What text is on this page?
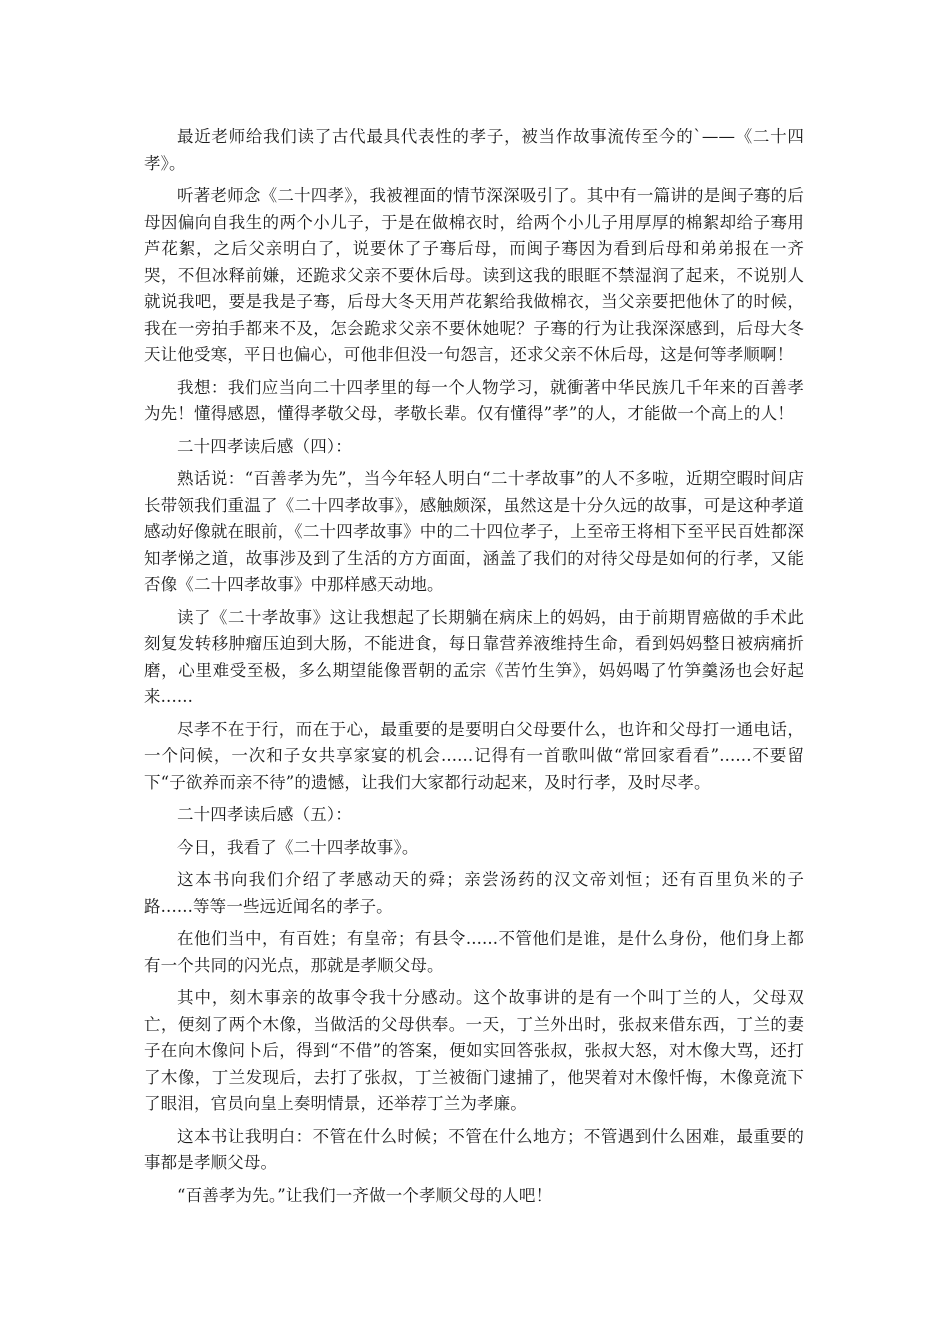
最近老师给我们读了古代最具代表性的孝子，被当作故事流传至今的`——《二十四孝》。

听著老师念《二十四孝》，我被裡面的情节深深吸引了。其中有一篇讲的是闽子骞的后母因偏向自我生的两个小儿子，于是在做棉衣时，给两个小儿子用厚厚的棉絮却给子骞用芦花絮，之后父亲明白了，说要休了子骞后母，而闽子骞因为看到后母和弟弟报在一齐哭，不但冰释前嫌，还跪求父亲不要休后母。读到这我的眼眶不禁湿润了起来，不说别人就说我吧，要是我是子骞，后母大冬天用芦花絮给我做棉衣，当父亲要把他休了的时候，我在一旁拍手都来不及，怎会跪求父亲不要休她呢？子骞的行为让我深深感到，后母大冬天让他受寒，平日也偏心，可他非但没一句怨言，还求父亲不休后母，这是何等孝顺啊！

我想：我们应当向二十四孝里的每一个人物学习，就衝著中华民族几千年来的百善孝为先！懂得感恩，懂得孝敬父母，孝敬长辈。仅有懂得”孝”的人，才能做一个高上的人！

二十四孝读后感（四）：

熟话说：“百善孝为先”，当今年轻人明白“二十孝故事”的人不多啦，近期空暇时间店长带领我们重温了《二十四孝故事》，感触颇深，虽然这是十分久远的故事，可是这种孝道感动好像就在眼前，《二十四孝故事》中的二十四位孝子，上至帝王将相下至平民百姓都深知孝悌之道，故事涉及到了生活的方方面面，涵盖了我们的对待父母是如何的行孝，又能否像《二十四孝故事》中那样感天动地。

读了《二十孝故事》这让我想起了长期躺在病床上的妈妈，由于前期胃癌做的手术此刻复发转移肿瘤压迫到大肠，不能进食，每日靠营养液维持生命，看到妈妈整日被病痛折磨，心里难受至极，多么期望能像晋朝的孟宗《苦竹生笋》，妈妈喝了竹笋羹汤也会好起来......

尽孝不在于行，而在于心，最重要的是要明白父母要什么，也许和父母打一通电话，一个问候，一次和子女共享家宴的机会......记得有一首歌叫做“常回家看看”......不要留下“子欲养而亲不待”的遗憾，让我们大家都行动起来，及时行孝，及时尽孝。

二十四孝读后感（五）：

今日，我看了《二十四孝故事》。

这本书向我们介绍了孝感动天的舜；亲尝汤药的汉文帝刘恒；还有百里负米的子路......等等一些远近闻名的孝子。

在他们当中，有百姓；有皇帝；有县令......不管他们是谁，是什么身份，他们身上都有一个共同的闪光点，那就是孝顺父母。

其中，刻木事亲的故事令我十分感动。这个故事讲的是有一个叫丁兰的人，父母双亡，便刻了两个木像，当做活的父母供奉。一天，丁兰外出时，张叔来借东西，丁兰的妻子在向木像问卜后，得到“不借”的答案，便如实回答张叔，张叔大怒，对木像大骂，还打了木像，丁兰发现后，去打了张叔，丁兰被衙门逮捕了，他哭着对木像忏悔，木像竟流下了眼泪，官员向皇上奏明情景，还举荐丁兰为孝廉。

这本书让我明白：不管在什么时候；不管在什么地方；不管遇到什么困难，最重要的事都是孝顺父母。

“百善孝为先。”让我们一齐做一个孝顺父母的人吧！
